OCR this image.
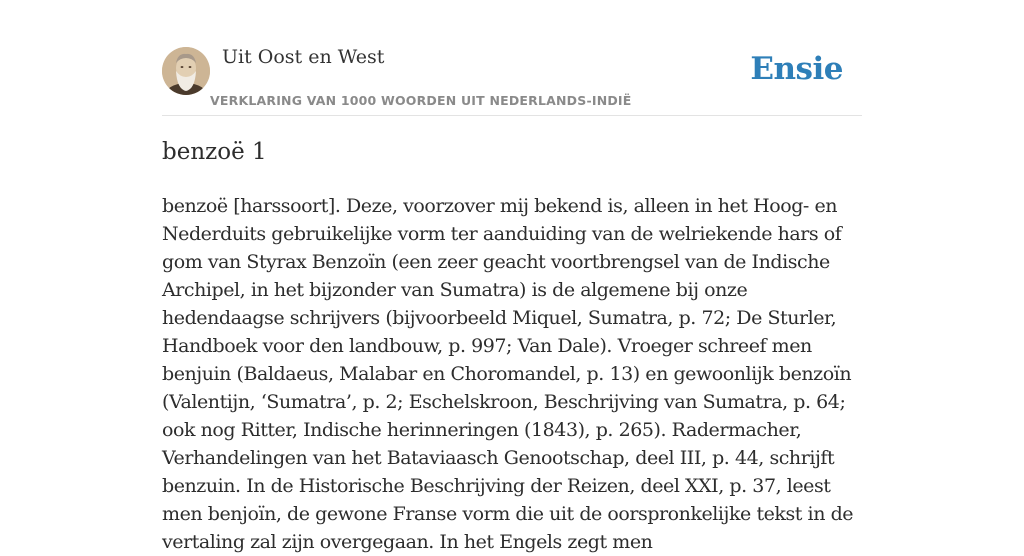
Uit Oost en West
VERKLARING VAN 1000 WOORDEN UIT NEDERLANDS-INDIË
Ensie
benzoë 1

benzoë [harssoort]. Deze, voorzover mij bekend is, alleen in het Hoog- en Nederduits gebruikelijke vorm ter aanduiding van de welriekende hars of gom van Styrax Benzoïn (een zeer geacht voortbrengsel van de Indische Archipel, in het bijzonder van Sumatra) is de algemene bij onze hedendaagse schrijvers (bijvoorbeeld Miquel, Sumatra, p. 72; De Sturler, Handboek voor den landbouw, p. 997; Van Dale). Vroeger schreef men benjuin (Baldaeus, Malabar en Choromandel, p. 13) en gewoonlijk benzoïn (Valentijn, ‘Sumatra’, p. 2; Eschelskroon, Beschrijving van Sumatra, p. 64; ook nog Ritter, Indische herinneringen (1843), p. 265). Radermacher, Verhandelingen van het Bataviaasch Genootschap, deel III, p. 44, schrijft benzuin. In de Historische Beschrijving der Reizen, deel XXI, p. 37, leest men benjoïn, de gewone Franse vorm die uit de oorspronkelijke tekst in de vertaling zal zijn overgegaan. In het Engels zegt men
